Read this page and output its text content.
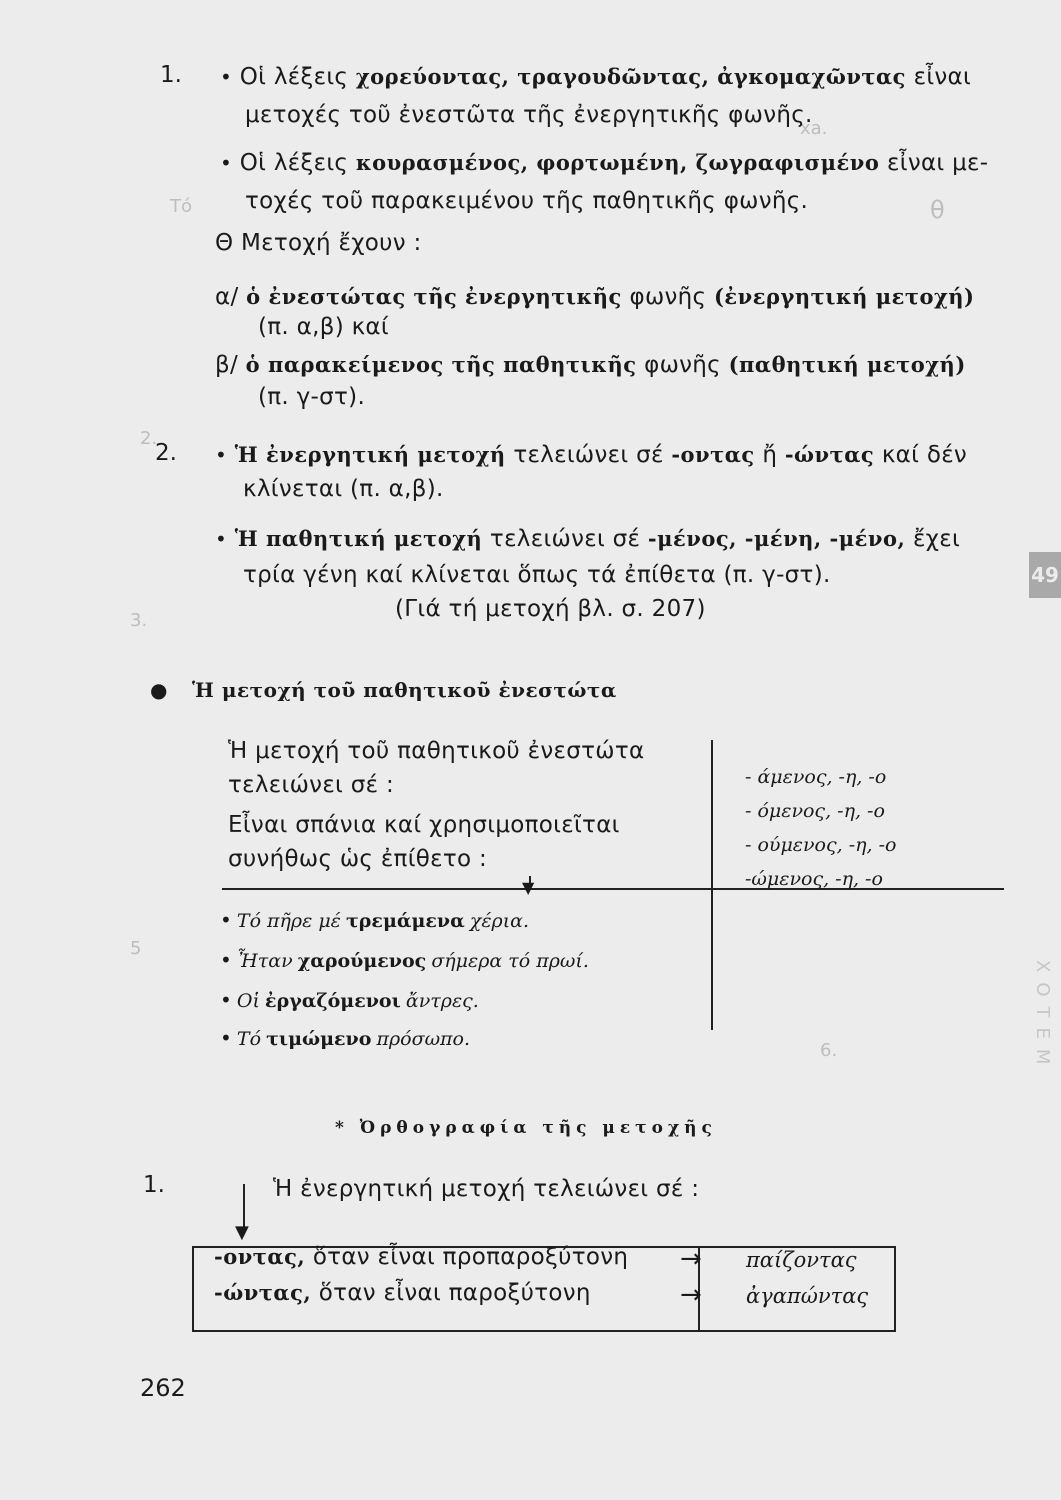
ха.
Τό	θ
2.
3.
5
6.
1. • Οἱ λέξεις χορεύοντας, τραγουδῶντας, ἀγκομαχῶντας εἶναι
μετοχές τοῦ ἐνεστῶτα τῆς ἐνεργητικῆς φωνῆς.
• Οἱ λέξεις κουρασμένος, φορτωμένη, ζωγραφισμένο εἶναι με-
τοχές τοῦ παρακειμένου τῆς παθητικῆς φωνῆς.
Θ Μετοχή ἔχουν :
α/ ὁ ἐνεστώτας τῆς ἐνεργητικῆς φωνῆς (ἐνεργητική μετοχή)
(π. α,β) καί
β/ ὁ παρακείμενος τῆς παθητικῆς φωνῆς (παθητική μετοχή)
(π. γ-στ).
2. • Ἡ ἐνεργητική μετοχή τελειώνει σέ -οντας ἤ -ώντας καί δέν
κλίνεται (π. α,β).
• Ἡ παθητική μετοχή τελειώνει σέ -μένος, -μένη, -μένο, ἔχει
τρία γένη καί κλίνεται ὅπως τά ἐπίθετα (π. γ-στ).
(Γιά τή μετοχή βλ. σ. 207)
● Ἡ μετοχή τοῦ παθητικοῦ ἐνεστώτα
Ἡ μετοχή τοῦ παθητικοῦ ἐνεστώτα
τελειώνει σέ :
Εἶναι σπάνια καί χρησιμοποιεῖται
συνήθως ὡς ἐπίθετο :
▼
- άμενος, -η, -ο
- όμενος, -η, -ο
- ούμενος, -η, -ο
-ώμενος, -η, -ο
• Τό πῆρε μέ τρεμάμενα χέρια.
• Ἦταν χαρούμενος σήμερα τό πρωί.
• Οἱ ἐργαζόμενοι ἄντρες.
• Τό τιμώμενο πρόσωπο.
* Ὀρθογραφία τῆς μετοχῆς
1.	Ἡ ἐνεργητική μετοχή τελειώνει σέ :
▼
-οντας, ὅταν εἶναι προπαροξύτονη → παίζοντας
-ώντας, ὅταν εἶναι παροξύτονη	→ ἀγαπώντας
262
49
ΧΟΤΕΜ
